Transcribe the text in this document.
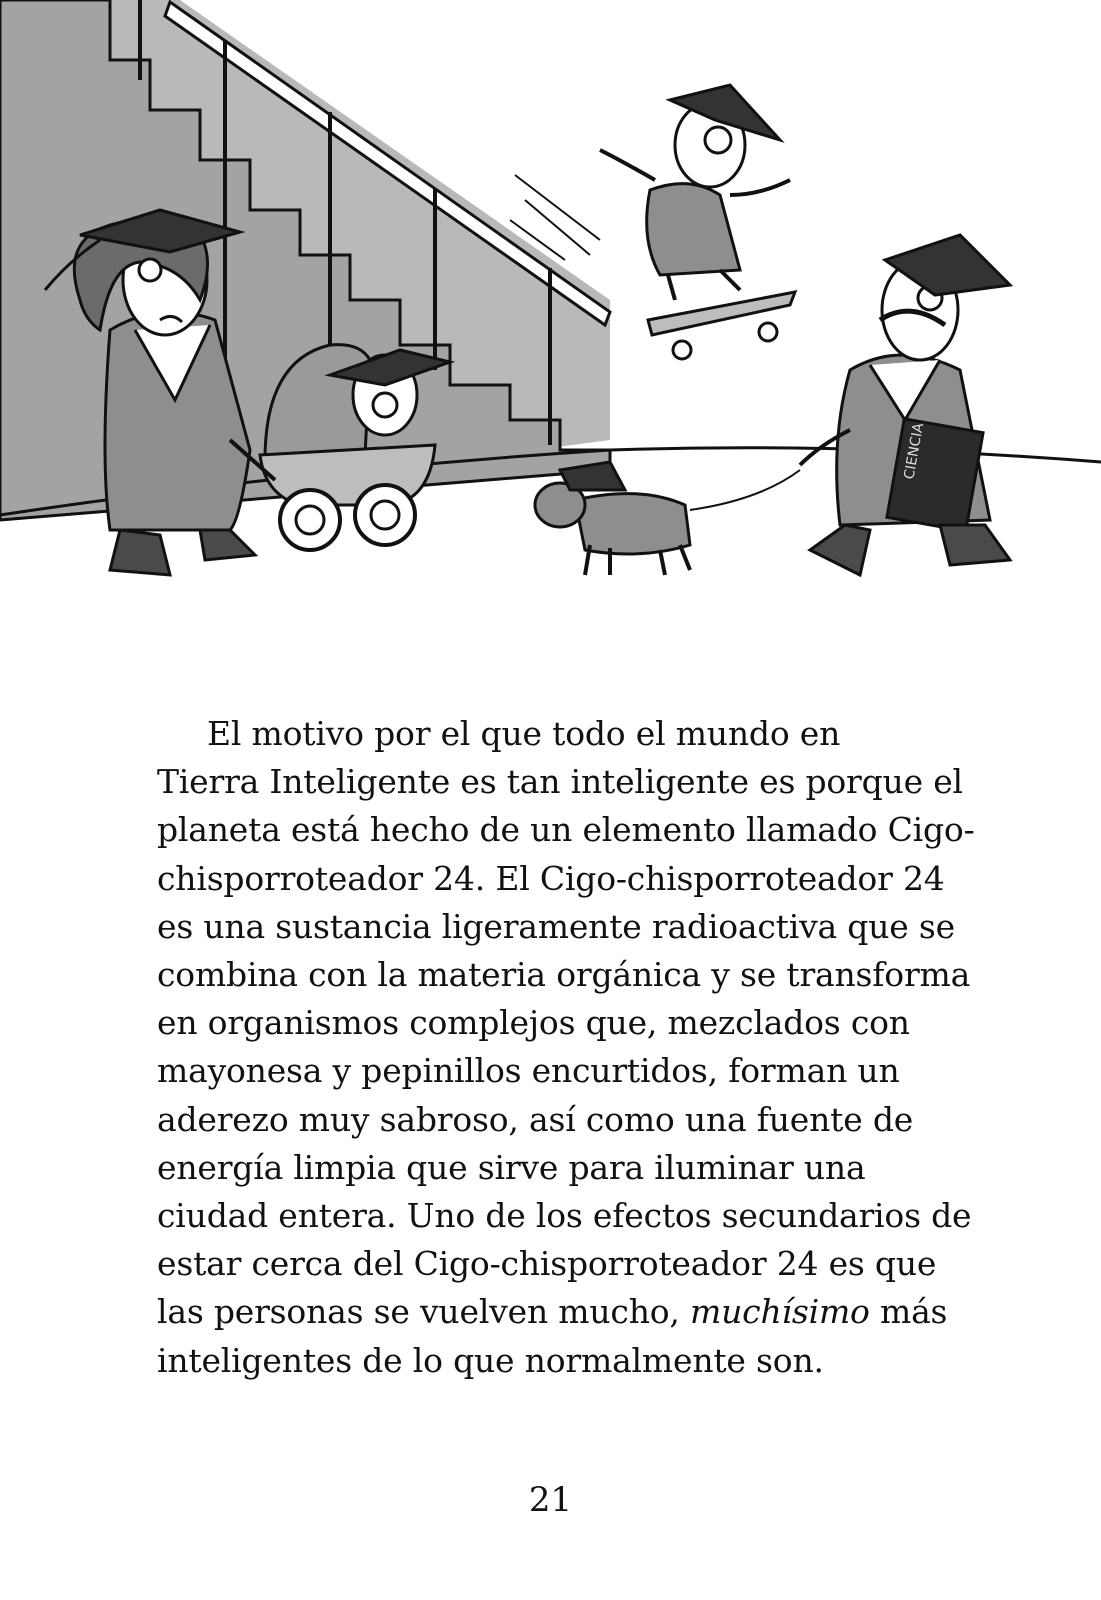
CIENCIA
El motivo por el que todo el mundo en
Tierra Inteligente es tan inteligente es porque el
planeta está hecho de un elemento llamado Cigo-
chisporroteador 24. El Cigo-chisporroteador 24
es una sustancia ligeramente radioactiva que se
combina con la materia orgánica y se transforma
en organismos complejos que, mezclados con
mayonesa y pepinillos encurtidos, forman un
aderezo muy sabroso, así como una fuente de
energía limpia que sirve para iluminar una
ciudad entera. Uno de los efectos secundarios de
estar cerca del Cigo-chisporroteador 24 es que
las personas se vuelven mucho, muchísimo más
inteligentes de lo que normalmente son.
21
